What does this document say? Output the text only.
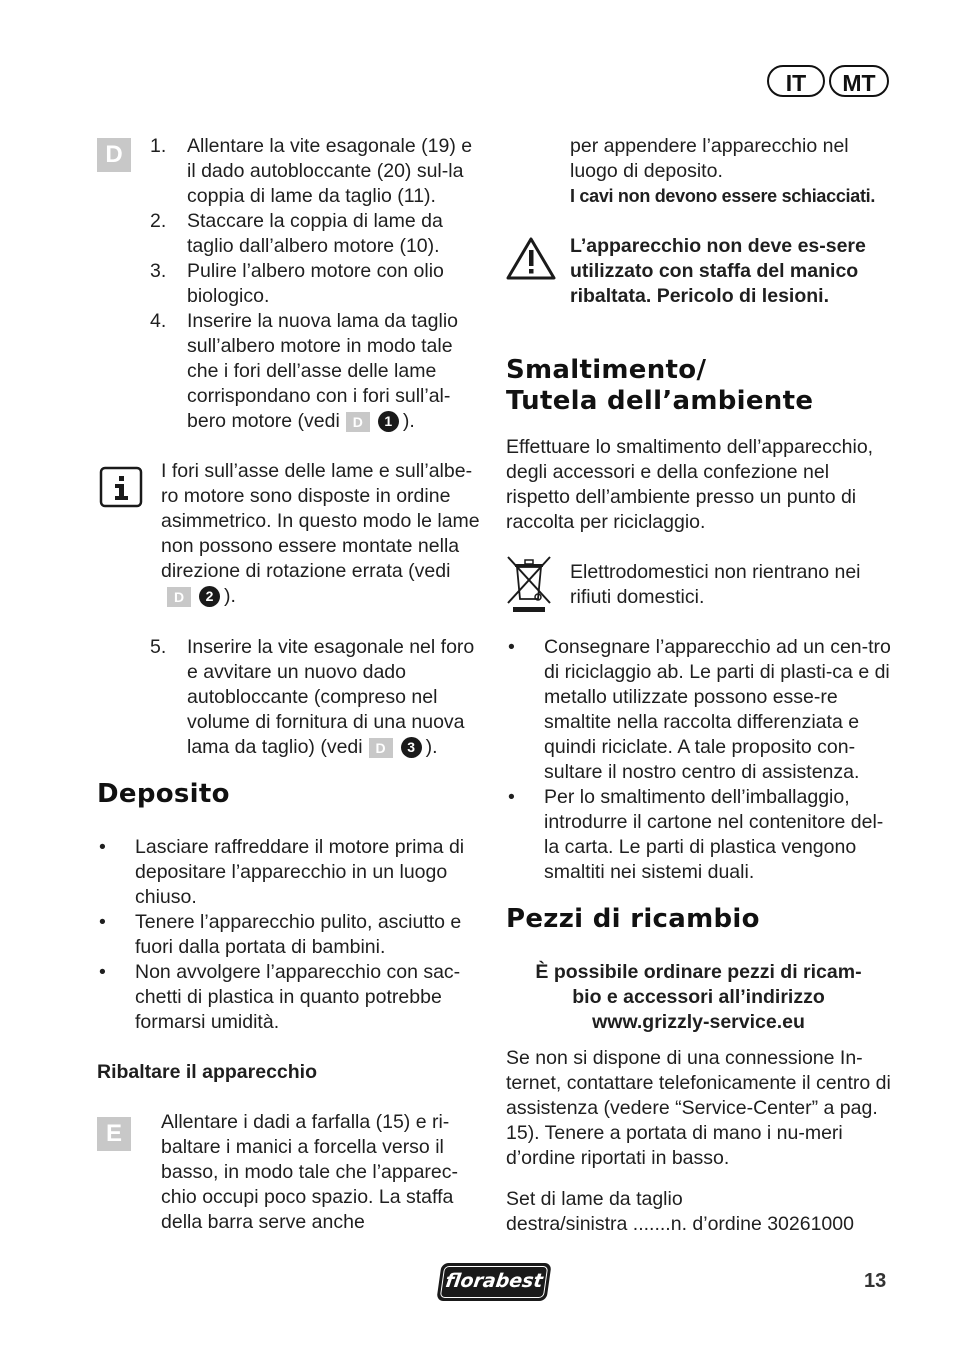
IT	MT
D	1.	Allentare la vite esagonale (19) e il dado autobloccante (20) sul-la coppia di lame da taglio (11).
2.	Staccare la coppia di lame da taglio dall’albero motore (10).
3.	Pulire l’albero motore con olio biologico.
4.	Inserire la nuova lama da taglio sull’albero motore in modo tale che i fori dell’asse delle lame corrispondano con i fori sull’al-bero motore (vedi D 1 ).
I fori sull’asse delle lame e sull’albe-ro motore sono disposte in ordine asimmetrico. In questo modo le lame non possono essere montate nella direzione di rotazione errata (vediD 2 ).
5.	Inserire la vite esagonale nel foro e avvitare un nuovo dado autobloccante (compreso nel volume di fornitura di una nuova lama da taglio) (vedi D 3 ).
Deposito
•	Lasciare raffreddare il motore prima di depositare l’apparecchio in un luogo chiuso.
•	Tenere l’apparecchio pulito, asciutto e fuori dalla portata di bambini.
•	Non avvolgere l’apparecchio con sac-chetti di plastica in quanto potrebbe formarsi umidità.
Ribaltare il apparecchio
E	Allentare i dadi a farfalla (15) e ri-baltare i manici a forcella verso il basso, in modo tale che l’apparec-chio occupi poco spazio. La staffa della barra serve anche
per appendere l’apparecchio nel luogo di deposito.
I cavi non devono essere schiacciati.
L’apparecchio non deve es-sere utilizzato con staffa del manico ribaltata. Pericolo di lesioni.
Smaltimento/
Tutela dell’ambiente
Effettuare lo smaltimento dell’apparecchio, degli accessori e della confezione nel rispetto dell’ambiente presso un punto di raccolta per riciclaggio.
Elettrodomestici non rientrano nei rifiuti domestici.
•	Consegnare l’apparecchio ad un cen-tro di riciclaggio ab. Le parti di plasti-ca e di metallo utilizzate possono esse-re smaltite nella raccolta differenziata e quindi riciclate. A tale proposito con-sultare il nostro centro di assistenza.
•	Per lo smaltimento dell’imballaggio, introdurre il cartone nel contenitore del-la carta. Le parti di plastica vengono smaltiti nei sistemi duali.
Pezzi di ricambio
È possibile ordinare pezzi di ricam-
bio e accessori all’indirizzo
www.grizzly-service.eu
Se non si dispone di una connessione In-ternet, contattare telefonicamente il centro di assistenza (vedere “Service-Center” a pag. 15). Tenere a portata di mano i nu-meri d’ordine riportati in basso.
Set di lame da taglio
destra/sinistra .......n. d’ordine 30261000
florabest	13
